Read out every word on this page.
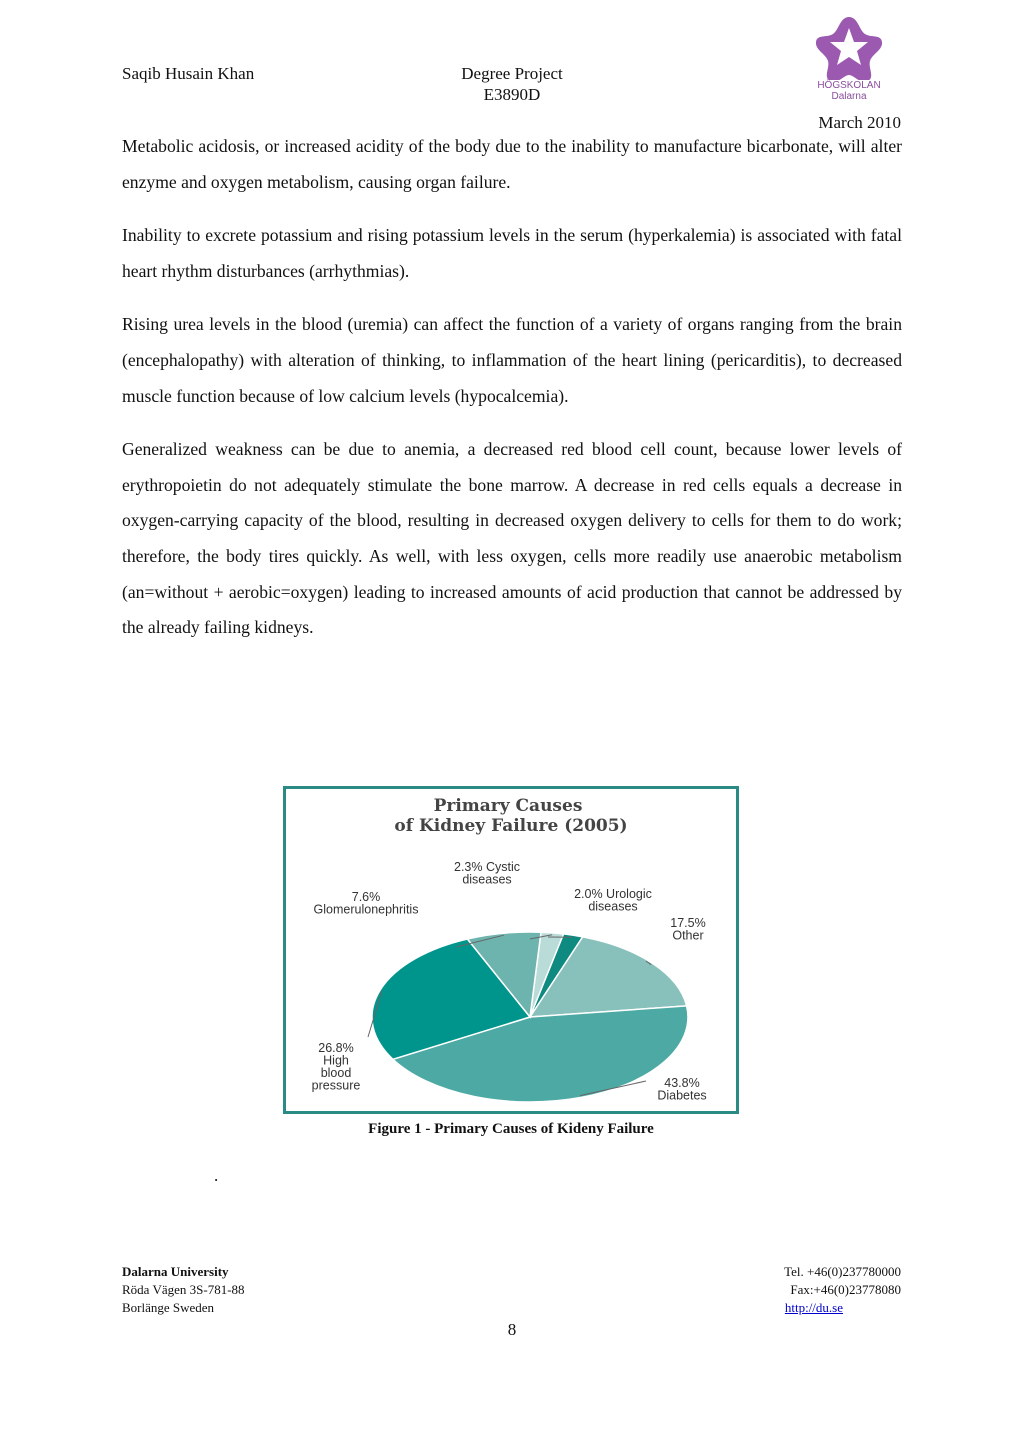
Saqib Husain Khan	Degree Project
E3890D	HÖGSKOLAN
Dalarna
March 2010

Metabolic acidosis, or increased acidity of the body due to the inability to manufacture bicarbonate, will alter enzyme and oxygen metabolism, causing organ failure.

Inability to excrete potassium and rising potassium levels in the serum (hyperkalemia) is associated with fatal heart rhythm disturbances (arrhythmias).

Rising urea levels in the blood (uremia) can affect the function of a variety of organs ranging from the brain (encephalopathy) with alteration of thinking, to inflammation of the heart lining (pericarditis), to decreased muscle function because of low calcium levels (hypocalcemia).

Generalized weakness can be due to anemia, a decreased red blood cell count, because lower levels of erythropoietin do not adequately stimulate the bone marrow. A decrease in red cells equals a decrease in oxygen-carrying capacity of the blood, resulting in decreased oxygen delivery to cells for them to do work; therefore, the body tires quickly. As well, with less oxygen, cells more readily use anaerobic metabolism (an=without + aerobic=oxygen) leading to increased amounts of acid production that cannot be addressed by the already failing kidneys.

Primary Causes
of Kidney Failure (2005)
2.3% Cystic diseases
2.0% Urologic diseases
17.5% Other
43.8% Diabetes
26.8% High blood pressure
7.6% Glomerulonephritis
Figure 1 - Primary Causes of Kideny Failure
.
Dalarna University
Röda Vägen 3S-781-88
Borlänge Sweden
Tel. +46(0)237780000
Fax:+46(0)23778080
http://du.se
8
